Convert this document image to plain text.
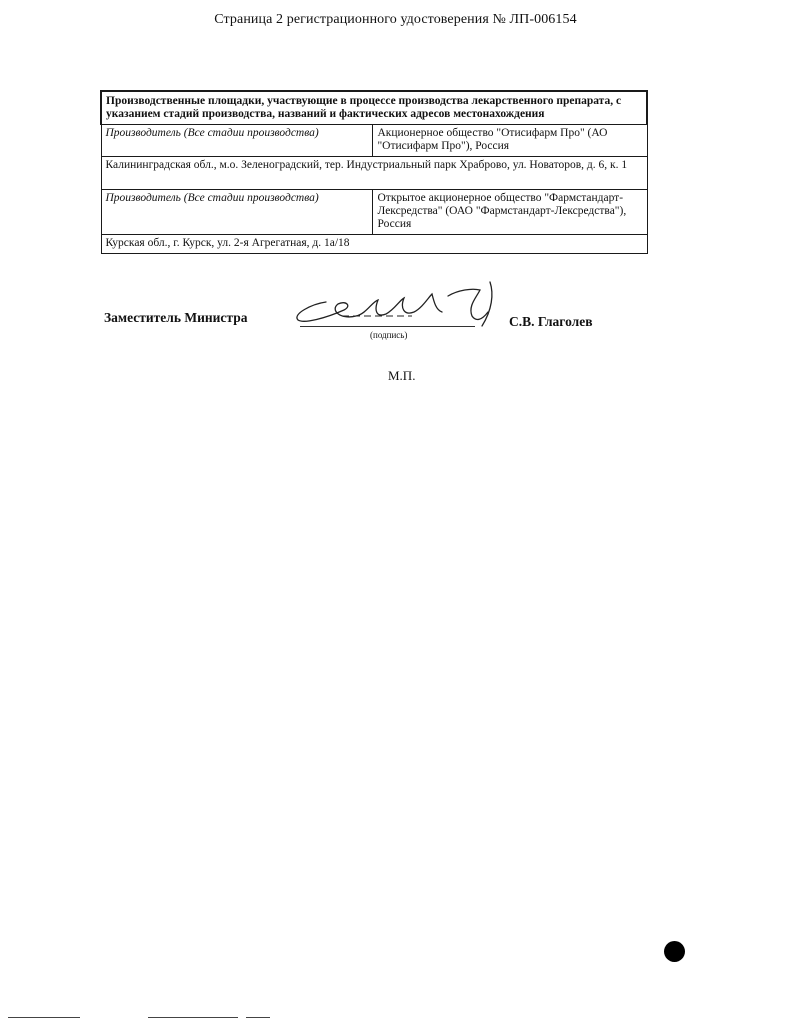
Страница 2 регистрационного удостоверения № ЛП-006154
Производственные площадки, участвующие в процессе производства лекарственного препарата, с указанием стадий производства, названий и фактических адресов местонахождения	
Производитель (Все стадии производства)	Акционерное общество "Отисифарм Про" (АО "Отисифарм Про"), Россия
Калининградская обл., м.о. Зеленоградский, тер. Индустриальный парк Храброво, ул. Новаторов, д. 6, к. 1	
Производитель (Все стадии производства)	Открытое акционерное общество "Фармстандарт-Лексредства" (ОАО "Фармстандарт-Лексредства"), Россия
Курская обл., г. Курск, ул. 2-я Агрегатная, д. 1а/18	
Заместитель Министра
(подпись)
С.В. Глаголев
М.П.
